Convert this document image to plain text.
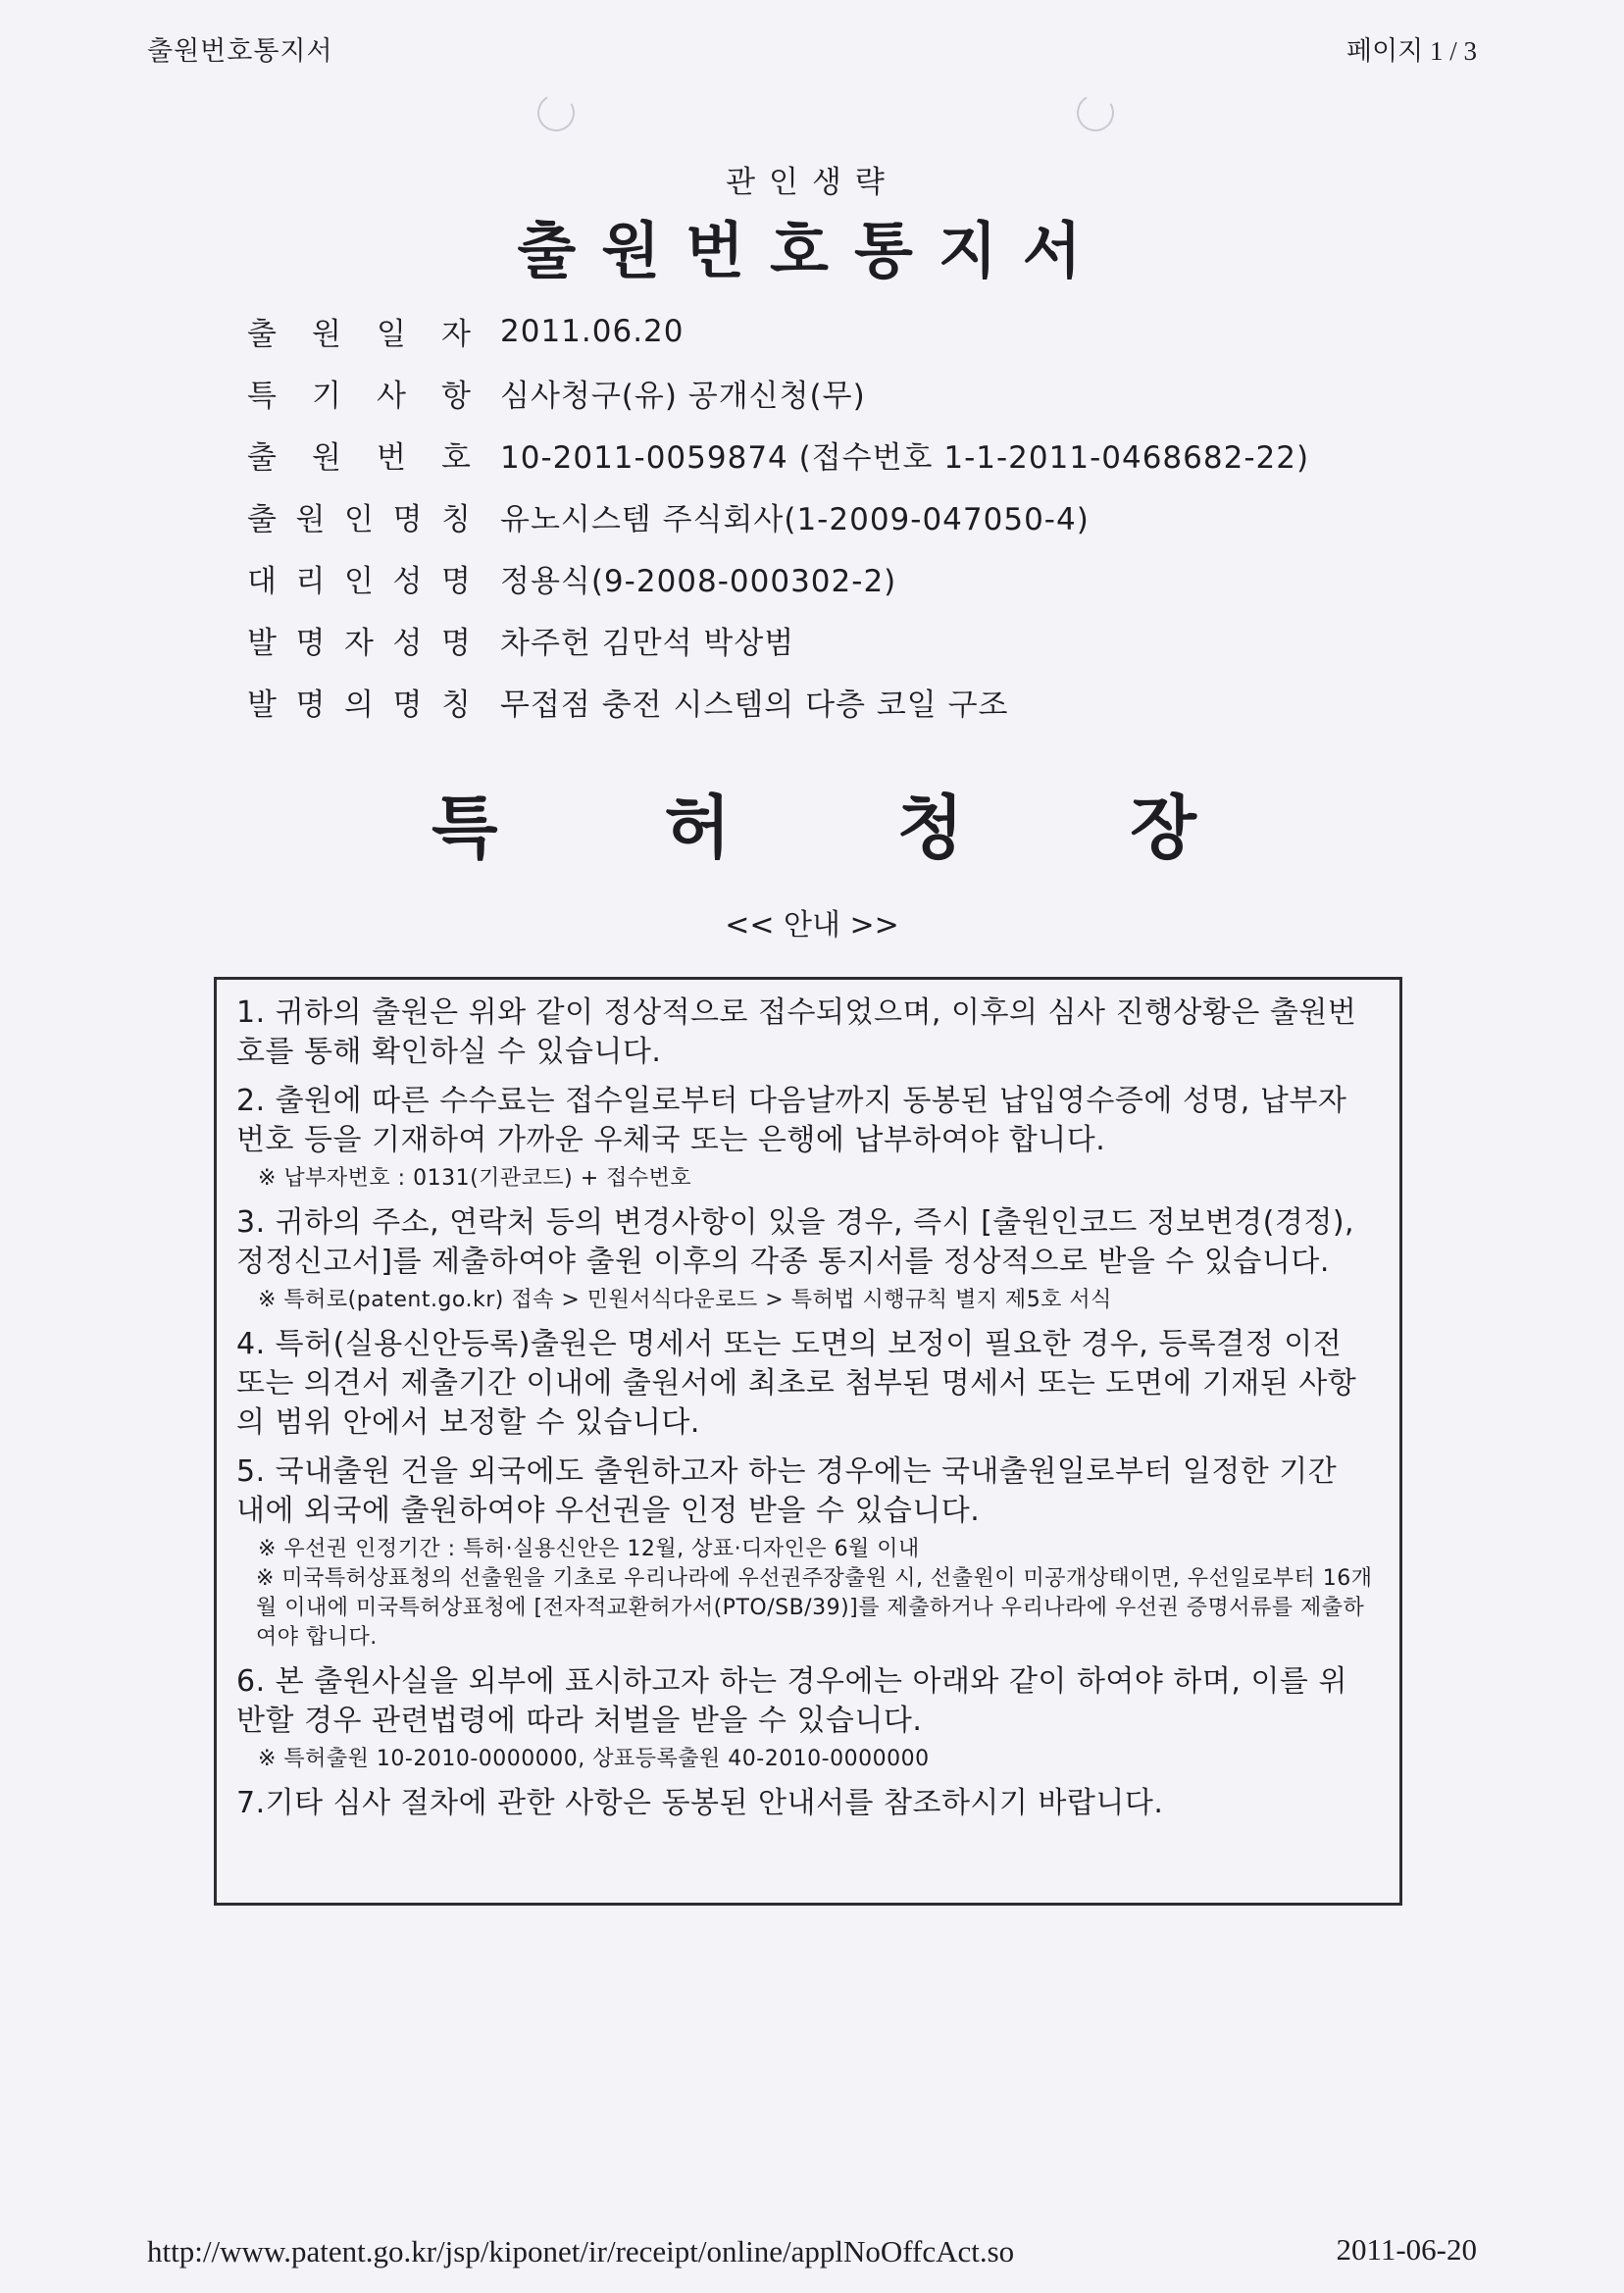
출원번호통지서	페이지 1 / 3
관인생략
출원번호통지서
출 원 일 자 2011.06.20
특 기 사 항 심사청구(유) 공개신청(무)
출 원 번 호 10-2011-0059874 (접수번호 1-1-2011-0468682-22)
출 원 인 명 칭 유노시스템 주식회사(1-2009-047050-4)
대 리 인 성 명 정용식(9-2008-000302-2)
발 명 자 성 명 차주헌 김만석 박상범
발 명 의 명 칭 무접점 충전 시스템의 다층 코일 구조
특 허 청 장
<< 안내 >>
1. 귀하의 출원은 위와 같이 정상적으로 접수되었으며, 이후의 심사 진행상황은 출원번호를 통해 확인하실 수 있습니다.
2. 출원에 따른 수수료는 접수일로부터 다음날까지 동봉된 납입영수증에 성명, 납부자번호 등을 기재하여 가까운 우체국 또는 은행에 납부하여야 합니다.
※ 납부자번호 : 0131(기관코드) + 접수번호
3. 귀하의 주소, 연락처 등의 변경사항이 있을 경우, 즉시 [출원인코드 정보변경(경정), 정정신고서]를 제출하여야 출원 이후의 각종 통지서를 정상적으로 받을 수 있습니다.
※ 특허로(patent.go.kr) 접속 > 민원서식다운로드 > 특허법 시행규칙 별지 제5호 서식
4. 특허(실용신안등록)출원은 명세서 또는 도면의 보정이 필요한 경우, 등록결정 이전 또는 의견서 제출기간 이내에 출원서에 최초로 첨부된 명세서 또는 도면에 기재된 사항의 범위 안에서 보정할 수 있습니다.
5. 국내출원 건을 외국에도 출원하고자 하는 경우에는 국내출원일로부터 일정한 기간 내에 외국에 출원하여야 우선권을 인정 받을 수 있습니다.
※ 우선권 인정기간 : 특허·실용신안은 12월, 상표·디자인은 6월 이내
※ 미국특허상표청의 선출원을 기초로 우리나라에 우선권주장출원 시, 선출원이 미공개상태이면, 우선일로부터 16개월 이내에 미국특허상표청에 [전자적교환허가서(PTO/SB/39)]를 제출하거나 우리나라에 우선권 증명서류를 제출하여야 합니다.
6. 본 출원사실을 외부에 표시하고자 하는 경우에는 아래와 같이 하여야 하며, 이를 위반할 경우 관련법령에 따라 처벌을 받을 수 있습니다.
※ 특허출원 10-2010-0000000, 상표등록출원 40-2010-0000000
7.기타 심사 절차에 관한 사항은 동봉된 안내서를 참조하시기 바랍니다.
http://www.patent.go.kr/jsp/kiponet/ir/receipt/online/applNoOffcAct.so	2011-06-20
